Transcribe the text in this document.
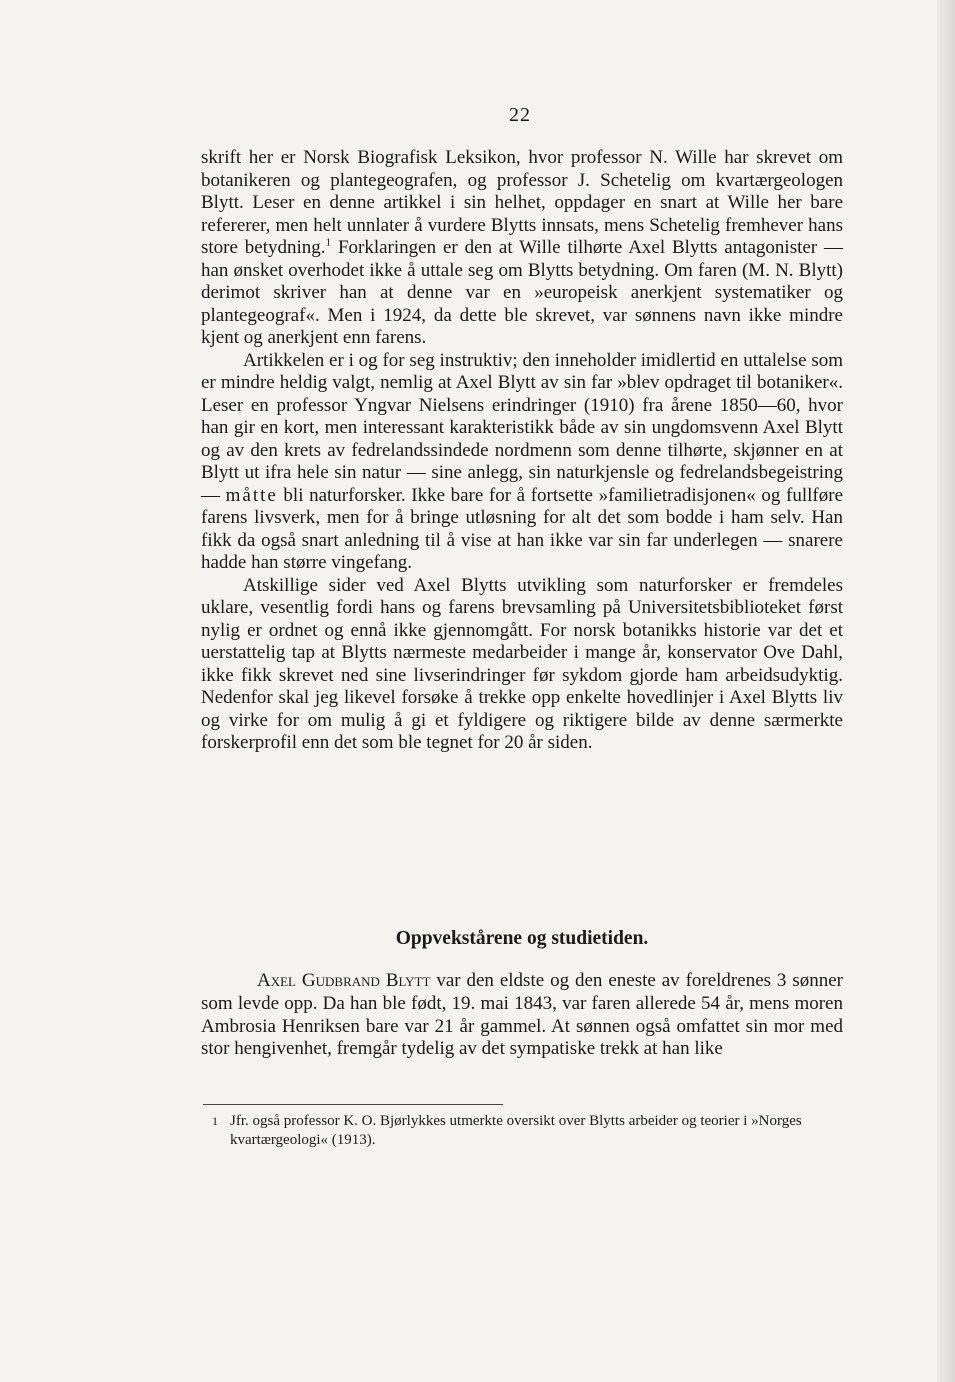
22

skrift her er Norsk Biografisk Leksikon, hvor professor N. Wille har skrevet om botanikeren og plantegeografen, og professor J. Schetelig om kvartærgeologen Blytt. Leser en denne artikkel i sin helhet, oppdager en snart at Wille her bare refererer, men helt unnlater å vurdere Blytts innsats, mens Schetelig fremhever hans store betydning.$^1$ Forklaringen er den at Wille tilhørte Axel Blytts antagonister — han ønsket overhodet ikke å uttale seg om Blytts betydning. Om faren (M. N. Blytt) derimot skriver han at denne var en »europeisk anerkjent systematiker og plantegeograf«. Men i 1924, da dette ble skrevet, var sønnens navn ikke mindre kjent og anerkjent enn farens.

Artikkelen er i og for seg instruktiv; den inneholder imidlertid en uttalelse som er mindre heldig valgt, nemlig at Axel Blytt av sin far »blev opdraget til botaniker«. Leser en professor Yngvar Nielsens erindringer (1910) fra årene 1850—60, hvor han gir en kort, men interessant karakteristikk både av sin ungdomsvenn Axel Blytt og av den krets av fedrelandssindede nordmenn som denne tilhørte, skjønner en at Blytt ut ifra hele sin natur — sine anlegg, sin naturkjensle og fedrelandsbegeistring — måtte bli naturforsker. Ikke bare for å fortsette »familietradisjonen« og fullføre farens livsverk, men for å bringe utløsning for alt det som bodde i ham selv. Han fikk da også snart anledning til å vise at han ikke var sin far underlegen — snarere hadde han større vingefang.

Atskillige sider ved Axel Blytts utvikling som naturforsker er fremdeles uklare, vesentlig fordi hans og farens brevsamling på Universitetsbiblioteket først nylig er ordnet og ennå ikke gjennomgått. For norsk botanikks historie var det et uerstattelig tap at Blytts nærmeste medarbeider i mange år, konservator Ove Dahl, ikke fikk skrevet ned sine livserindringer før sykdom gjorde ham arbeidsudyktig. Nedenfor skal jeg likevel forsøke å trekke opp enkelte hovedlinjer i Axel Blytts liv og virke for om mulig å gi et fyldigere og riktigere bilde av denne særmerkte forskerprofil enn det som ble tegnet for 20 år siden.

Oppvekstårene og studietiden.

Axel Gudbrand Blytt var den eldste og den eneste av foreldrenes 3 sønner som levde opp. Da han ble født, 19. mai 1843, var faren allerede 54 år, mens moren Ambrosia Henriksen bare var 21 år gammel. At sønnen også omfattet sin mor med stor hengivenhet, fremgår tydelig av det sympatiske trekk at han like

1 Jfr. også professor K. O. Bjørlykkes utmerkte oversikt over Blytts arbeider og teorier i »Norges kvartærgeologi« (1913).
